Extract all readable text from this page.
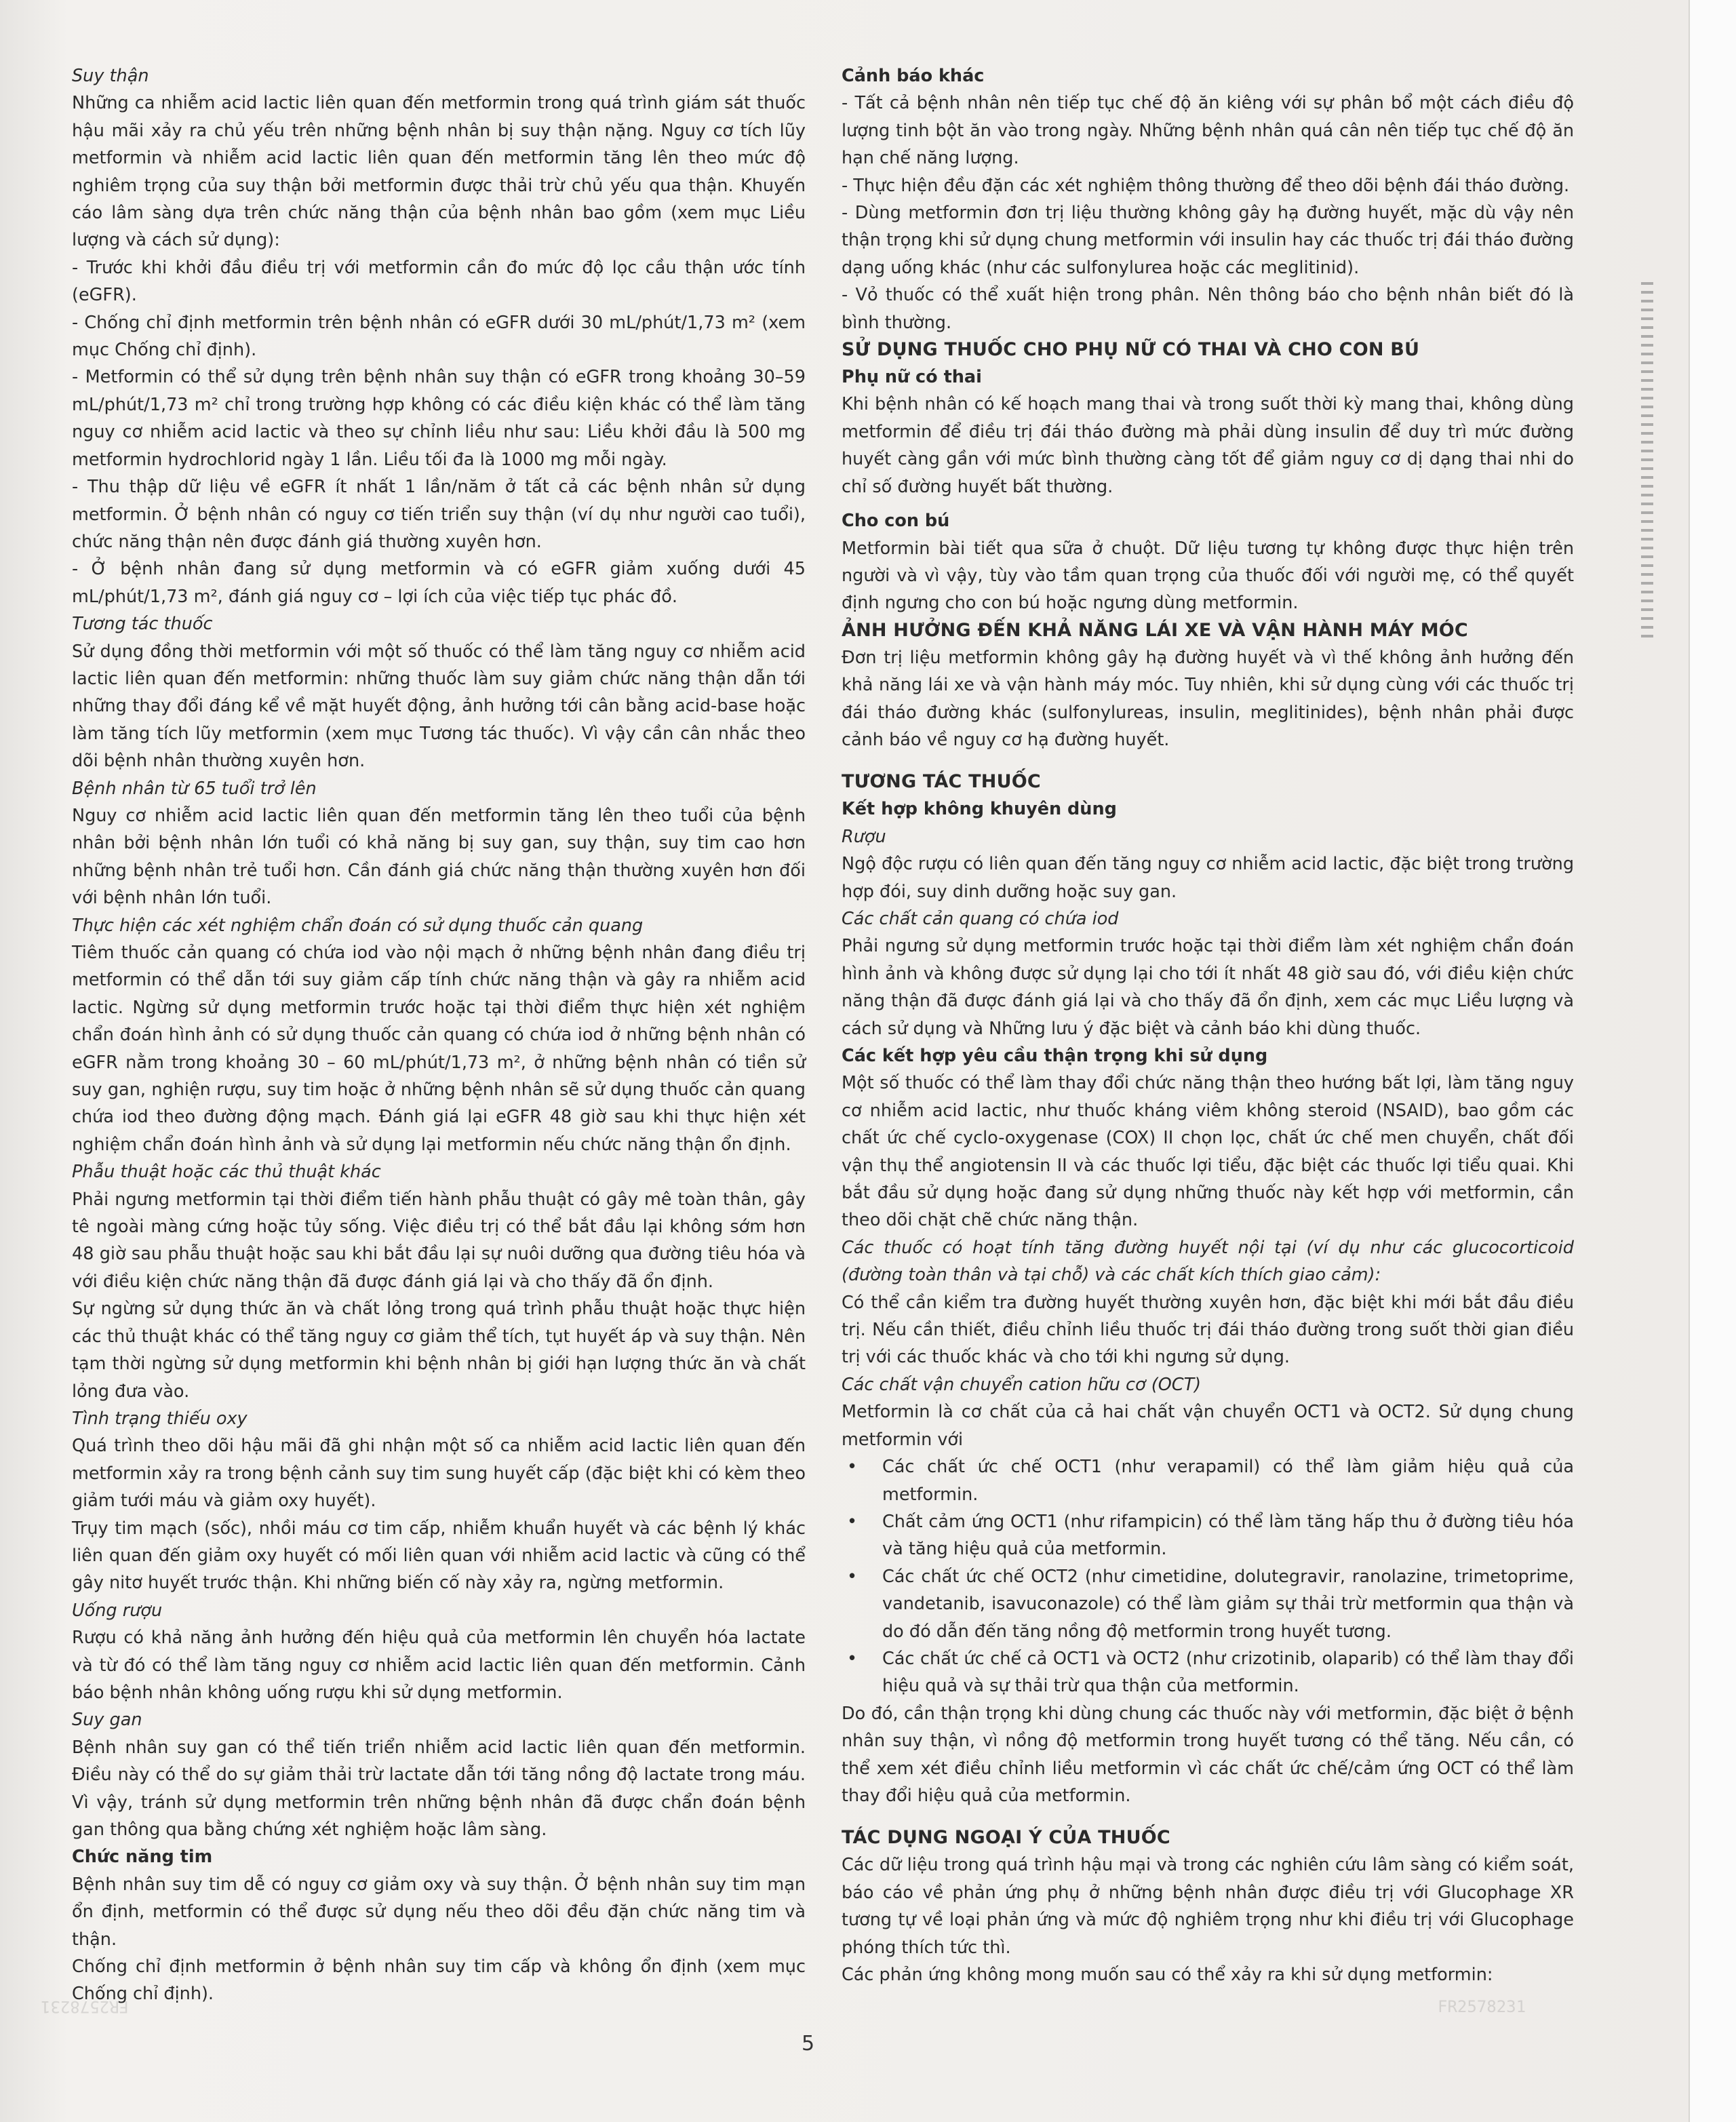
FR2578231	FR2578231

Suy thận

Những ca nhiễm acid lactic liên quan đến metformin trong quá trình giám sát thuốc hậu mãi xảy ra chủ yếu trên những bệnh nhân bị suy thận nặng. Nguy cơ tích lũy metformin và nhiễm acid lactic liên quan đến metformin tăng lên theo mức độ nghiêm trọng của suy thận bởi metformin được thải trừ chủ yếu qua thận. Khuyến cáo lâm sàng dựa trên chức năng thận của bệnh nhân bao gồm (xem mục Liều lượng và cách sử dụng):

- Trước khi khởi đầu điều trị với metformin cần đo mức độ lọc cầu thận ước tính (eGFR).

- Chống chỉ định metformin trên bệnh nhân có eGFR dưới 30 mL/phút/1,73 m² (xem mục Chống chỉ định).

- Metformin có thể sử dụng trên bệnh nhân suy thận có eGFR trong khoảng 30–59 mL/phút/1,73 m² chỉ trong trường hợp không có các điều kiện khác có thể làm tăng nguy cơ nhiễm acid lactic và theo sự chỉnh liều như sau: Liều khởi đầu là 500 mg metformin hydrochlorid ngày 1 lần. Liều tối đa là 1000 mg mỗi ngày.

- Thu thập dữ liệu về eGFR ít nhất 1 lần/năm ở tất cả các bệnh nhân sử dụng metformin. Ở bệnh nhân có nguy cơ tiến triển suy thận (ví dụ như người cao tuổi), chức năng thận nên được đánh giá thường xuyên hơn.

- Ở bệnh nhân đang sử dụng metformin và có eGFR giảm xuống dưới 45 mL/phút/1,73 m², đánh giá nguy cơ – lợi ích của việc tiếp tục phác đồ.

Tương tác thuốc

Sử dụng đồng thời metformin với một số thuốc có thể làm tăng nguy cơ nhiễm acid lactic liên quan đến metformin: những thuốc làm suy giảm chức năng thận dẫn tới những thay đổi đáng kể về mặt huyết động, ảnh hưởng tới cân bằng acid-base hoặc làm tăng tích lũy metformin (xem mục Tương tác thuốc). Vì vậy cần cân nhắc theo dõi bệnh nhân thường xuyên hơn.

Bệnh nhân từ 65 tuổi trở lên

Nguy cơ nhiễm acid lactic liên quan đến metformin tăng lên theo tuổi của bệnh nhân bởi bệnh nhân lớn tuổi có khả năng bị suy gan, suy thận, suy tim cao hơn những bệnh nhân trẻ tuổi hơn. Cần đánh giá chức năng thận thường xuyên hơn đối với bệnh nhân lớn tuổi.

Thực hiện các xét nghiệm chẩn đoán có sử dụng thuốc cản quang

Tiêm thuốc cản quang có chứa iod vào nội mạch ở những bệnh nhân đang điều trị metformin có thể dẫn tới suy giảm cấp tính chức năng thận và gây ra nhiễm acid lactic. Ngừng sử dụng metformin trước hoặc tại thời điểm thực hiện xét nghiệm chẩn đoán hình ảnh có sử dụng thuốc cản quang có chứa iod ở những bệnh nhân có eGFR nằm trong khoảng 30 – 60 mL/phút/1,73 m², ở những bệnh nhân có tiền sử suy gan, nghiện rượu, suy tim hoặc ở những bệnh nhân sẽ sử dụng thuốc cản quang chứa iod theo đường động mạch. Đánh giá lại eGFR 48 giờ sau khi thực hiện xét nghiệm chẩn đoán hình ảnh và sử dụng lại metformin nếu chức năng thận ổn định.

Phẫu thuật hoặc các thủ thuật khác

Phải ngưng metformin tại thời điểm tiến hành phẫu thuật có gây mê toàn thân, gây tê ngoài màng cứng hoặc tủy sống. Việc điều trị có thể bắt đầu lại không sớm hơn 48 giờ sau phẫu thuật hoặc sau khi bắt đầu lại sự nuôi dưỡng qua đường tiêu hóa và với điều kiện chức năng thận đã được đánh giá lại và cho thấy đã ổn định.

Sự ngừng sử dụng thức ăn và chất lỏng trong quá trình phẫu thuật hoặc thực hiện các thủ thuật khác có thể tăng nguy cơ giảm thể tích, tụt huyết áp và suy thận. Nên tạm thời ngừng sử dụng metformin khi bệnh nhân bị giới hạn lượng thức ăn và chất lỏng đưa vào.

Tình trạng thiếu oxy

Quá trình theo dõi hậu mãi đã ghi nhận một số ca nhiễm acid lactic liên quan đến metformin xảy ra trong bệnh cảnh suy tim sung huyết cấp (đặc biệt khi có kèm theo giảm tưới máu và giảm oxy huyết).

Trụy tim mạch (sốc), nhồi máu cơ tim cấp, nhiễm khuẩn huyết và các bệnh lý khác liên quan đến giảm oxy huyết có mối liên quan với nhiễm acid lactic và cũng có thể gây nitơ huyết trước thận. Khi những biến cố này xảy ra, ngừng metformin.

Uống rượu

Rượu có khả năng ảnh hưởng đến hiệu quả của metformin lên chuyển hóa lactate và từ đó có thể làm tăng nguy cơ nhiễm acid lactic liên quan đến metformin. Cảnh báo bệnh nhân không uống rượu khi sử dụng metformin.

Suy gan

Bệnh nhân suy gan có thể tiến triển nhiễm acid lactic liên quan đến metformin. Điều này có thể do sự giảm thải trừ lactate dẫn tới tăng nồng độ lactate trong máu. Vì vậy, tránh sử dụng metformin trên những bệnh nhân đã được chẩn đoán bệnh gan thông qua bằng chứng xét nghiệm hoặc lâm sàng.

Chức năng tim

Bệnh nhân suy tim dễ có nguy cơ giảm oxy và suy thận. Ở bệnh nhân suy tim mạn ổn định, metformin có thể được sử dụng nếu theo dõi đều đặn chức năng tim và thận.

Chống chỉ định metformin ở bệnh nhân suy tim cấp và không ổn định (xem mục Chống chỉ định).

Cảnh báo khác

- Tất cả bệnh nhân nên tiếp tục chế độ ăn kiêng với sự phân bổ một cách điều độ lượng tinh bột ăn vào trong ngày. Những bệnh nhân quá cân nên tiếp tục chế độ ăn hạn chế năng lượng.

- Thực hiện đều đặn các xét nghiệm thông thường để theo dõi bệnh đái tháo đường.

- Dùng metformin đơn trị liệu thường không gây hạ đường huyết, mặc dù vậy nên thận trọng khi sử dụng chung metformin với insulin hay các thuốc trị đái tháo đường dạng uống khác (như các sulfonylurea hoặc các meglitinid).

- Vỏ thuốc có thể xuất hiện trong phân. Nên thông báo cho bệnh nhân biết đó là bình thường.

SỬ DỤNG THUỐC CHO PHỤ NỮ CÓ THAI VÀ CHO CON BÚ

Phụ nữ có thai

Khi bệnh nhân có kế hoạch mang thai và trong suốt thời kỳ mang thai, không dùng metformin để điều trị đái tháo đường mà phải dùng insulin để duy trì mức đường huyết càng gần với mức bình thường càng tốt để giảm nguy cơ dị dạng thai nhi do chỉ số đường huyết bất thường.

Cho con bú

Metformin bài tiết qua sữa ở chuột. Dữ liệu tương tự không được thực hiện trên người và vì vậy, tùy vào tầm quan trọng của thuốc đối với người mẹ, có thể quyết định ngưng cho con bú hoặc ngưng dùng metformin.

ẢNH HƯỞNG ĐẾN KHẢ NĂNG LÁI XE VÀ VẬN HÀNH MÁY MÓC

Đơn trị liệu metformin không gây hạ đường huyết và vì thế không ảnh hưởng đến khả năng lái xe và vận hành máy móc. Tuy nhiên, khi sử dụng cùng với các thuốc trị đái tháo đường khác (sulfonylureas, insulin, meglitinides), bệnh nhân phải được cảnh báo về nguy cơ hạ đường huyết.

TƯƠNG TÁC THUỐC

Kết hợp không khuyên dùng

Rượu

Ngộ độc rượu có liên quan đến tăng nguy cơ nhiễm acid lactic, đặc biệt trong trường hợp đói, suy dinh dưỡng hoặc suy gan.

Các chất cản quang có chứa iod

Phải ngưng sử dụng metformin trước hoặc tại thời điểm làm xét nghiệm chẩn đoán hình ảnh và không được sử dụng lại cho tới ít nhất 48 giờ sau đó, với điều kiện chức năng thận đã được đánh giá lại và cho thấy đã ổn định, xem các mục Liều lượng và cách sử dụng và Những lưu ý đặc biệt và cảnh báo khi dùng thuốc.

Các kết hợp yêu cầu thận trọng khi sử dụng

Một số thuốc có thể làm thay đổi chức năng thận theo hướng bất lợi, làm tăng nguy cơ nhiễm acid lactic, như thuốc kháng viêm không steroid (NSAID), bao gồm các chất ức chế cyclo-oxygenase (COX) II chọn lọc, chất ức chế men chuyển, chất đối vận thụ thể angiotensin II và các thuốc lợi tiểu, đặc biệt các thuốc lợi tiểu quai. Khi bắt đầu sử dụng hoặc đang sử dụng những thuốc này kết hợp với metformin, cần theo dõi chặt chẽ chức năng thận.

Các thuốc có hoạt tính tăng đường huyết nội tại (ví dụ như các glucocorticoid (đường toàn thân và tại chỗ) và các chất kích thích giao cảm):

Có thể cần kiểm tra đường huyết thường xuyên hơn, đặc biệt khi mới bắt đầu điều trị. Nếu cần thiết, điều chỉnh liều thuốc trị đái tháo đường trong suốt thời gian điều trị với các thuốc khác và cho tới khi ngưng sử dụng.

Các chất vận chuyển cation hữu cơ (OCT)

Metformin là cơ chất của cả hai chất vận chuyển OCT1 và OCT2. Sử dụng chung metformin với

• Các chất ức chế OCT1 (như verapamil) có thể làm giảm hiệu quả của metformin.

• Chất cảm ứng OCT1 (như rifampicin) có thể làm tăng hấp thu ở đường tiêu hóa và tăng hiệu quả của metformin.

• Các chất ức chế OCT2 (như cimetidine, dolutegravir, ranolazine, trimetoprime, vandetanib, isavuconazole) có thể làm giảm sự thải trừ metformin qua thận và do đó dẫn đến tăng nồng độ metformin trong huyết tương.

• Các chất ức chế cả OCT1 và OCT2 (như crizotinib, olaparib) có thể làm thay đổi hiệu quả và sự thải trừ qua thận của metformin.

Do đó, cần thận trọng khi dùng chung các thuốc này với metformin, đặc biệt ở bệnh nhân suy thận, vì nồng độ metformin trong huyết tương có thể tăng. Nếu cần, có thể xem xét điều chỉnh liều metformin vì các chất ức chế/cảm ứng OCT có thể làm thay đổi hiệu quả của metformin.

TÁC DỤNG NGOẠI Ý CỦA THUỐC

Các dữ liệu trong quá trình hậu mại và trong các nghiên cứu lâm sàng có kiểm soát, báo cáo về phản ứng phụ ở những bệnh nhân được điều trị với Glucophage XR tương tự về loại phản ứng và mức độ nghiêm trọng như khi điều trị với Glucophage phóng thích tức thì.

Các phản ứng không mong muốn sau có thể xảy ra khi sử dụng metformin:

5
